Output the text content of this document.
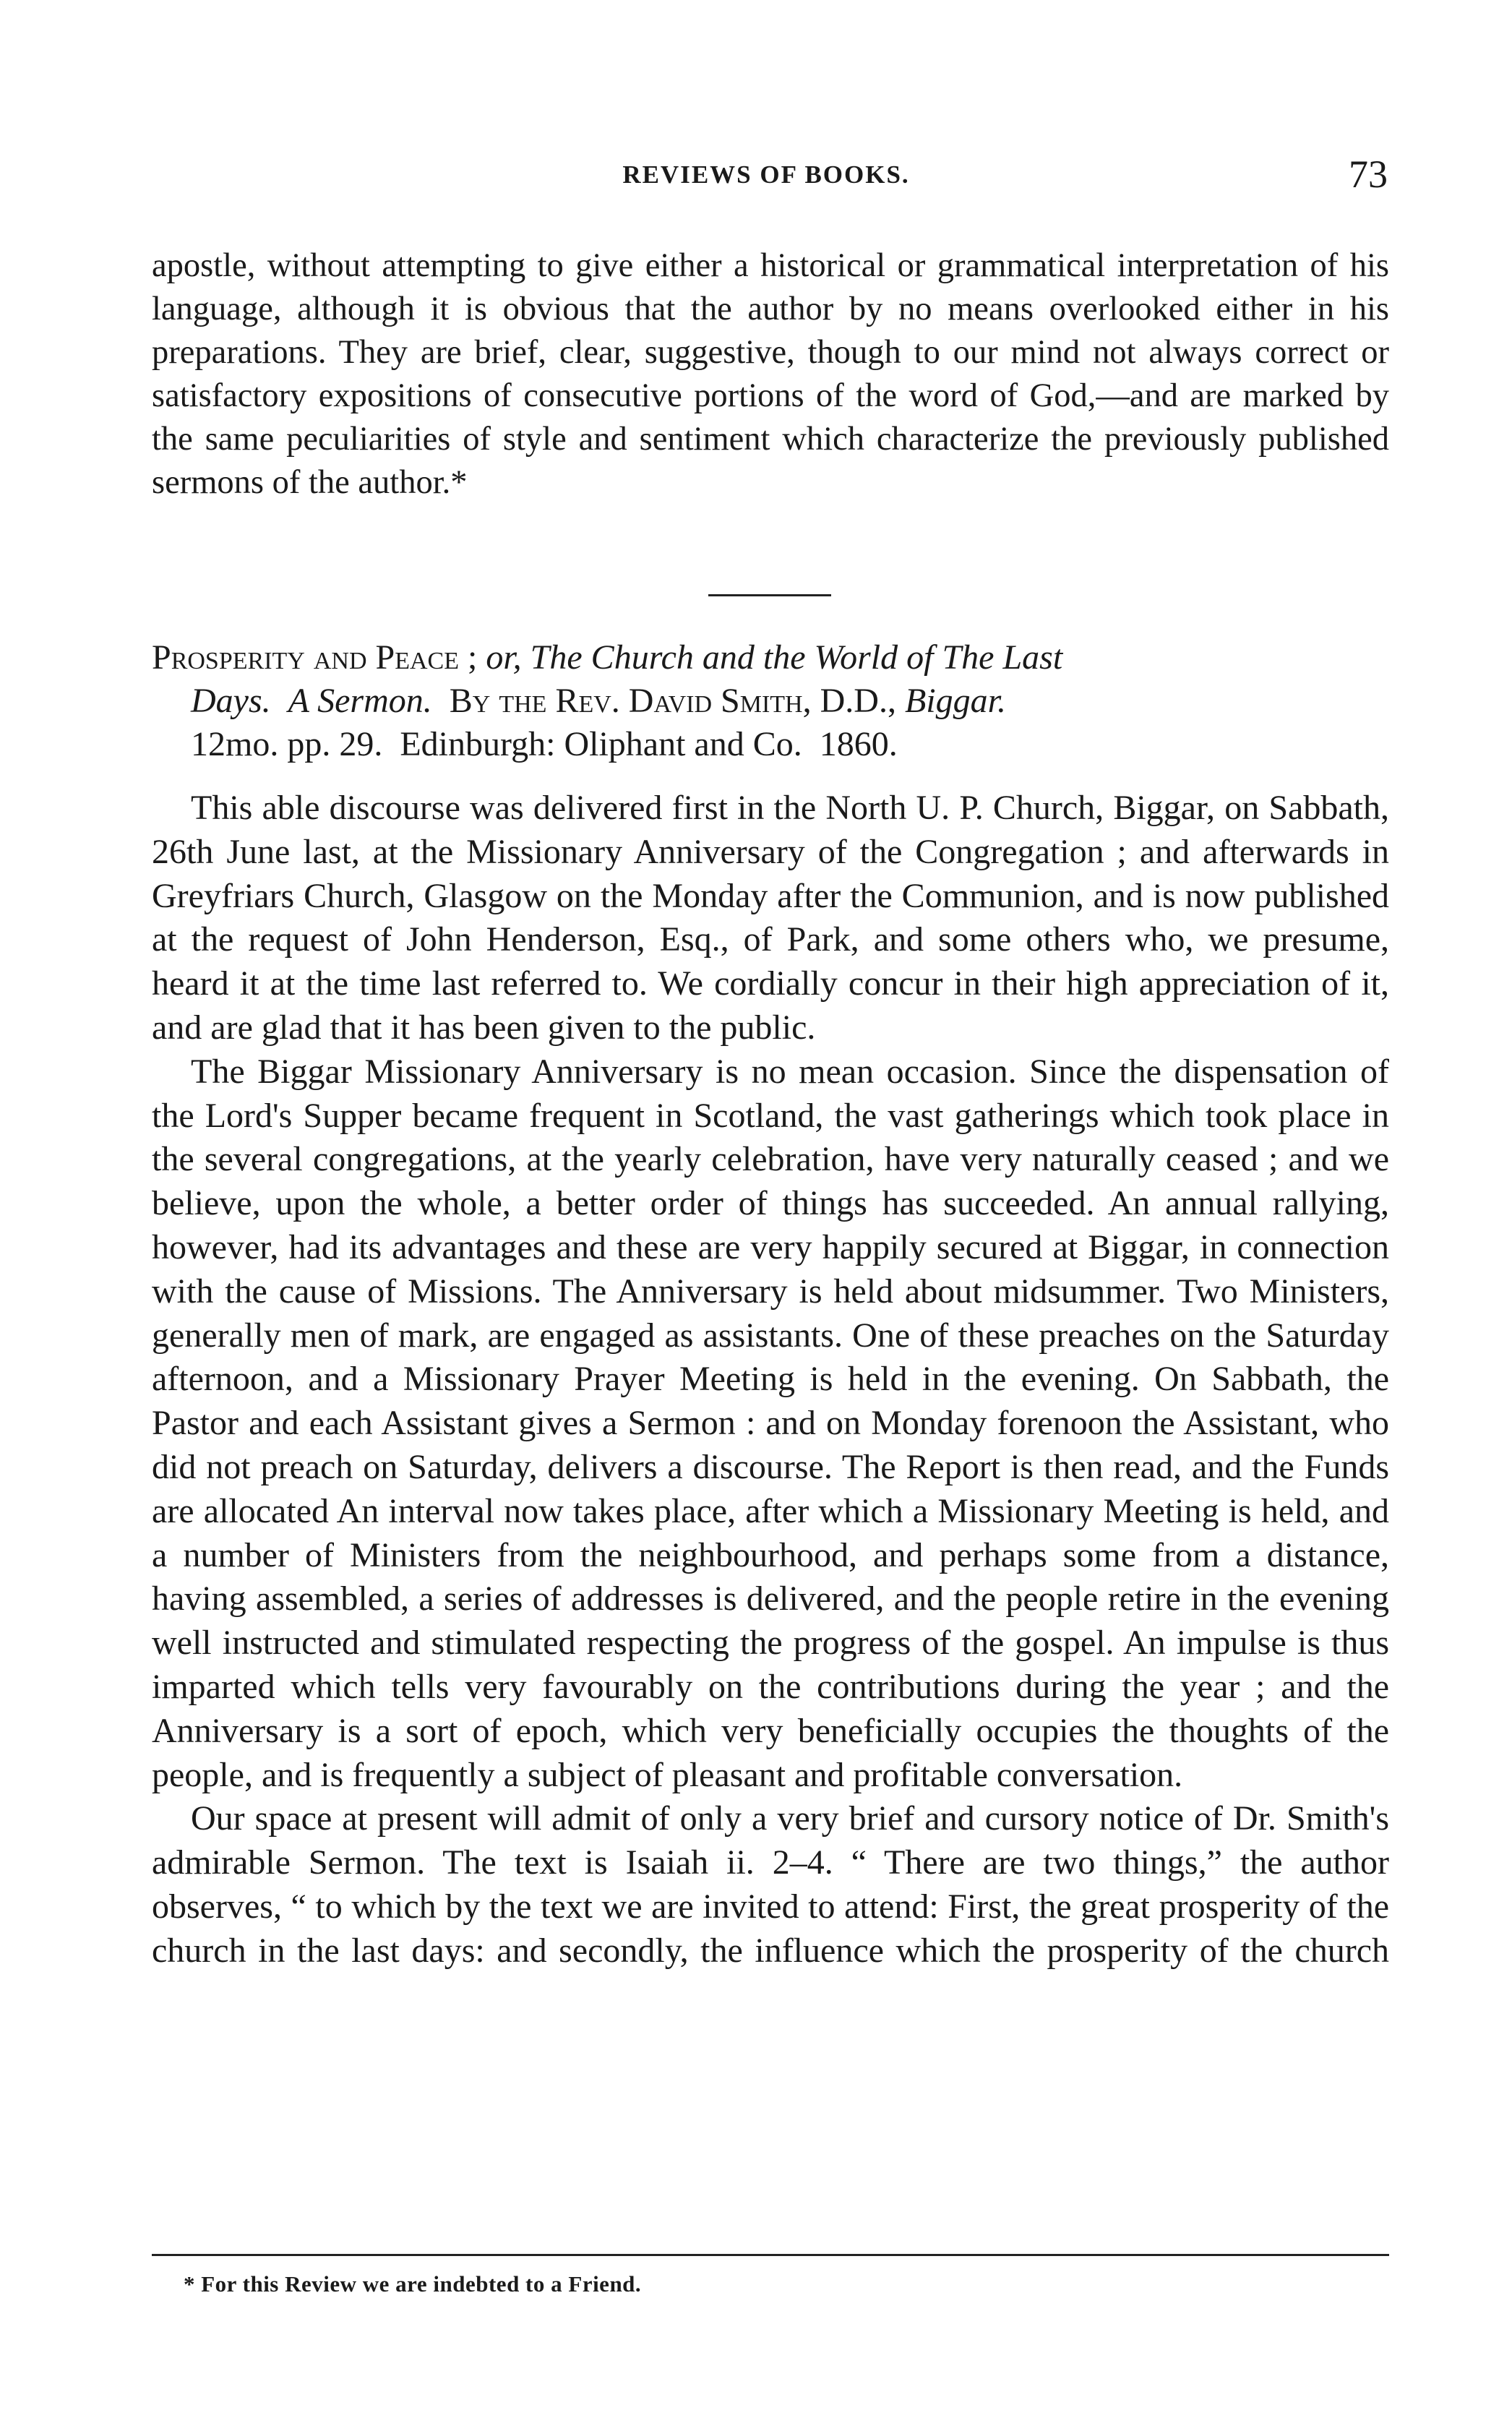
REVIEWS OF BOOKS.	73

apostle, without attempting to give either a historical or grammatical interpretation of his language, although it is obvious that the author by no means overlooked either in his preparations. They are brief, clear, suggestive, though to our mind not always correct or satisfactory expositions of consecutive portions of the word of God,—and are marked by the same peculiarities of style and sentiment which characterize the previously published sermons of the author.*

Prosperity and Peace ; or, The Church and the World of The Last
Days. A Sermon. By the Rev. David Smith, D.D., Biggar.
12mo. pp. 29. Edinburgh: Oliphant and Co. 1860.

This able discourse was delivered first in the North U. P. Church, Biggar, on Sabbath, 26th June last, at the Missionary Anniversary of the Congregation ; and afterwards in Greyfriars Church, Glasgow on the Monday after the Communion, and is now published at the request of John Henderson, Esq., of Park, and some others who, we presume, heard it at the time last referred to. We cordially concur in their high appreciation of it, and are glad that it has been given to the public.

The Biggar Missionary Anniversary is no mean occasion. Since the dispensation of the Lord's Supper became frequent in Scotland, the vast gatherings which took place in the several congregations, at the yearly celebration, have very naturally ceased ; and we believe, upon the whole, a better order of things has succeeded. An annual rallying, however, had its advantages and these are very happily secured at Biggar, in connection with the cause of Missions. The Anniversary is held about midsummer. Two Ministers, generally men of mark, are engaged as assistants. One of these preaches on the Saturday afternoon, and a Missionary Prayer Meeting is held in the evening. On Sabbath, the Pastor and each Assistant gives a Sermon : and on Monday forenoon the Assistant, who did not preach on Saturday, delivers a discourse. The Report is then read, and the Funds are allocated An interval now takes place, after which a Missionary Meeting is held, and a number of Ministers from the neighbourhood, and perhaps some from a distance, having assembled, a series of addresses is delivered, and the people retire in the evening well instructed and stimulated respecting the progress of the gospel. An impulse is thus imparted which tells very favourably on the contributions during the year ; and the Anniversary is a sort of epoch, which very beneficially occupies the thoughts of the people, and is frequently a subject of pleasant and profitable conversation.

Our space at present will admit of only a very brief and cursory notice of Dr. Smith's admirable Sermon. The text is Isaiah ii. 2–4. “ There are two things,” the author observes, “ to which by the text we are invited to attend: First, the great prosperity of the church in the last days: and secondly, the influence which the prosperity of the church

* For this Review we are indebted to a Friend.
